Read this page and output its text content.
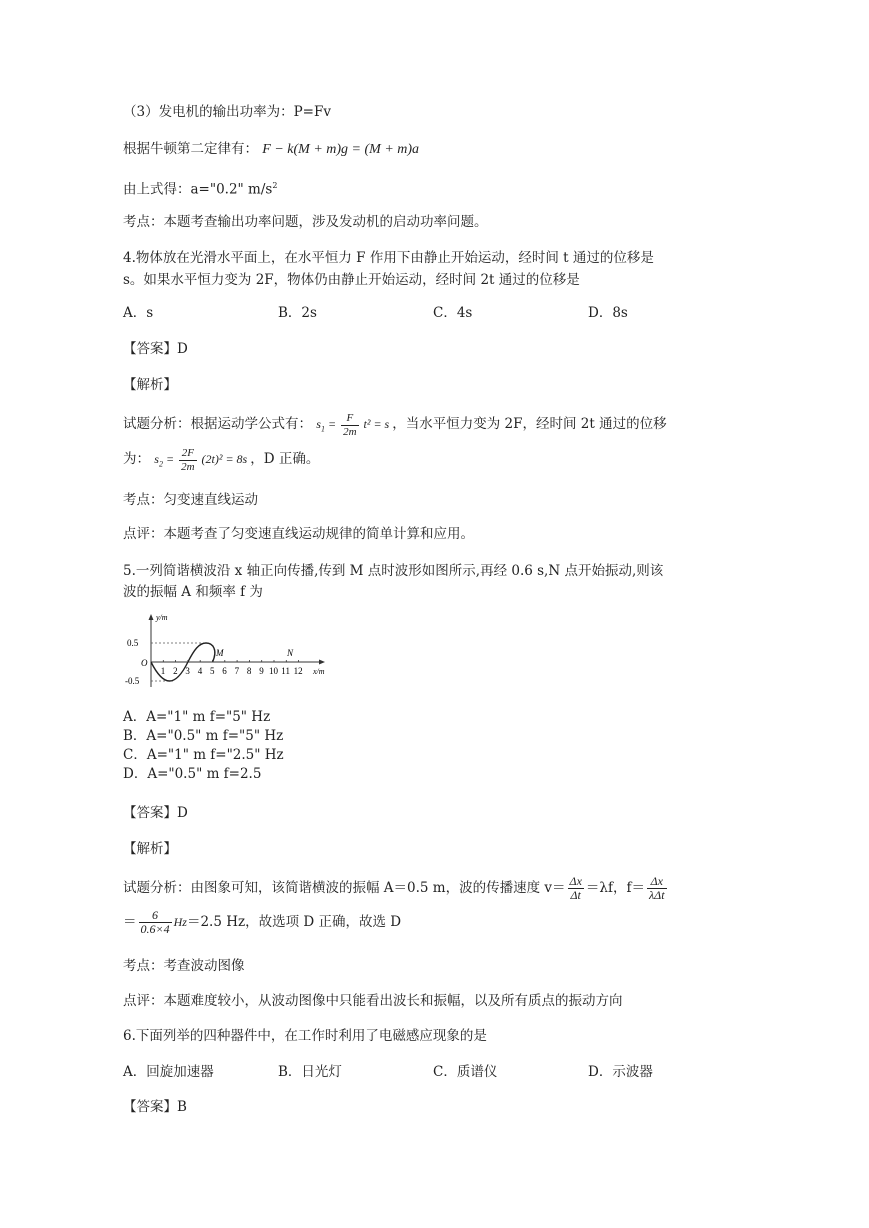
（3）发电机的输出功率为：P=Fv
根据牛顿第二定律有： F − k(M + m)g = (M + m)a
由上式得：a="0.2" $m/s^2$
考点：本题考查输出功率问题，涉及发动机的启动功率问题。
4.物体放在光滑水平面上，在水平恒力 F 作用下由静止开始运动，经时间 t 通过的位移是
s。如果水平恒力变为 2F，物体仍由静止开始运动，经时间 2t 通过的位移是
A．s	B．2s	C．4s	D．8s
【答案】D
【解析】
试题分析：根据运动学公式有： $s_1 = \frac{F}{2m} t^2 = s$ ，当水平恒力变为 2F，经时间 2t 通过的位移
为： $s_2 = \frac{2F}{2m} (2t)^2 = 8s$ ，D 正确。
考点：匀变速直线运动
点评：本题考查了匀变速直线运动规律的简单计算和应用。
5.一列简谐横波沿 x 轴正向传播,传到 M 点时波形如图所示,再经 0.6 s,N 点开始振动,则该
波的振幅 A 和频率 f 为
0.5
O
-0.5
y/m
x/m
1 2 3 4 5 6 7 8 9 10 11 12
M	N
A．A="1" m f="5" Hz
B．A="0.5" m f="5" Hz
C．A="1" m f="2.5" Hz
D．A="0.5" m f=2.5
【答案】D
【解析】
试题分析：由图象可知，该简谐横波的振幅 A＝0.5 m，波的传播速度 $v= \frac{\Delta x}{\Delta t} =\lambda f$，$f= \frac{\Delta x}{\text{λΔt}}$
＝ $\frac{6}{0.6\times 4} Hz=2.5$ Hz，故选项 D 正确，故选 D
考点：考查波动图像
点评：本题难度较小，从波动图像中只能看出波长和振幅，以及所有质点的振动方向
6.下面列举的四种器件中，在工作时利用了电磁感应现象的是
A．回旋加速器	B．日光灯	C．质谱仪	D．示波器
【答案】B
